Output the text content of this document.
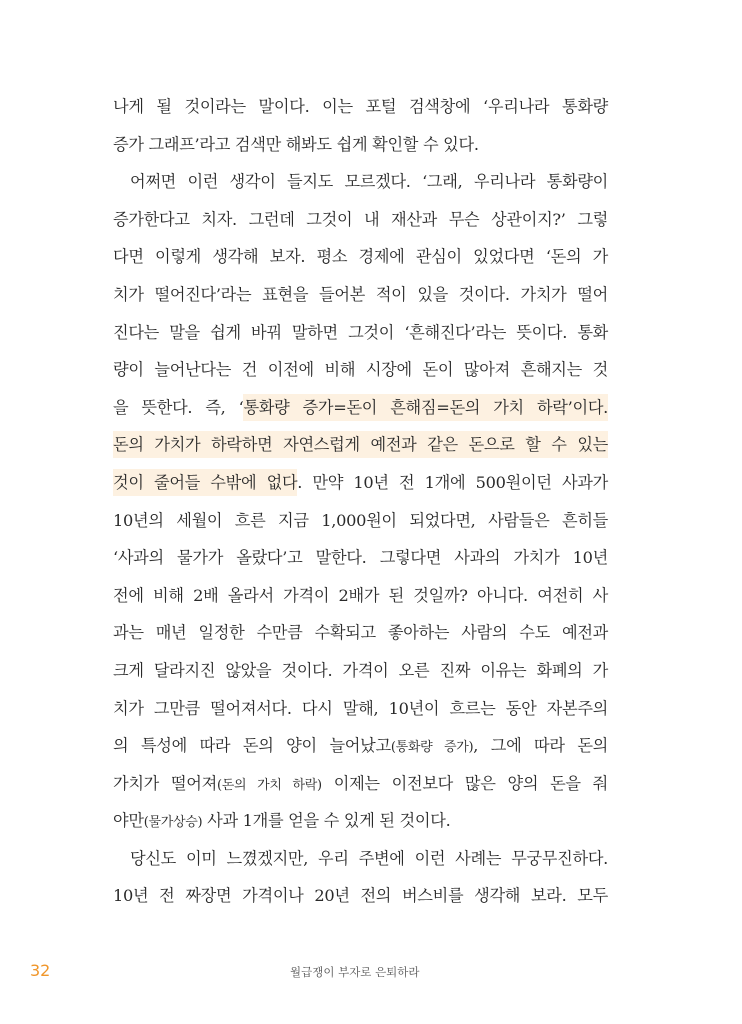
나게 될 것이라는 말이다. 이는 포털 검색창에 ‘우리나라 통화량
증가 그래프’라고 검색만 해봐도 쉽게 확인할 수 있다.
어쩌면 이런 생각이 들지도 모르겠다. ‘그래, 우리나라 통화량이
증가한다고 치자. 그런데 그것이 내 재산과 무슨 상관이지?’ 그렇
다면 이렇게 생각해 보자. 평소 경제에 관심이 있었다면 ‘돈의 가
치가 떨어진다’라는 표현을 들어본 적이 있을 것이다. 가치가 떨어
진다는 말을 쉽게 바꿔 말하면 그것이 ‘흔해진다’라는 뜻이다. 통화
량이 늘어난다는 건 이전에 비해 시장에 돈이 많아져 흔해지는 것
을 뜻한다. 즉, ‘통화량 증가=돈이 흔해짐=돈의 가치 하락’이다.
돈의 가치가 하락하면 자연스럽게 예전과 같은 돈으로 할 수 있는
것이 줄어들 수밖에 없다. 만약 10년 전 1개에 500원이던 사과가
10년의 세월이 흐른 지금 1,000원이 되었다면, 사람들은 흔히들
‘사과의 물가가 올랐다’고 말한다. 그렇다면 사과의 가치가 10년
전에 비해 2배 올라서 가격이 2배가 된 것일까? 아니다. 여전히 사
과는 매년 일정한 수만큼 수확되고 좋아하는 사람의 수도 예전과
크게 달라지진 않았을 것이다. 가격이 오른 진짜 이유는 화폐의 가
치가 그만큼 떨어져서다. 다시 말해, 10년이 흐르는 동안 자본주의
의 특성에 따라 돈의 양이 늘어났고(통화량 증가), 그에 따라 돈의
가치가 떨어져(돈의 가치 하락) 이제는 이전보다 많은 양의 돈을 줘
야만(물가상승) 사과 1개를 얻을 수 있게 된 것이다.
당신도 이미 느꼈겠지만, 우리 주변에 이런 사례는 무궁무진하다.
10년 전 짜장면 가격이나 20년 전의 버스비를 생각해 보라. 모두
32	월급쟁이 부자로 은퇴하라
